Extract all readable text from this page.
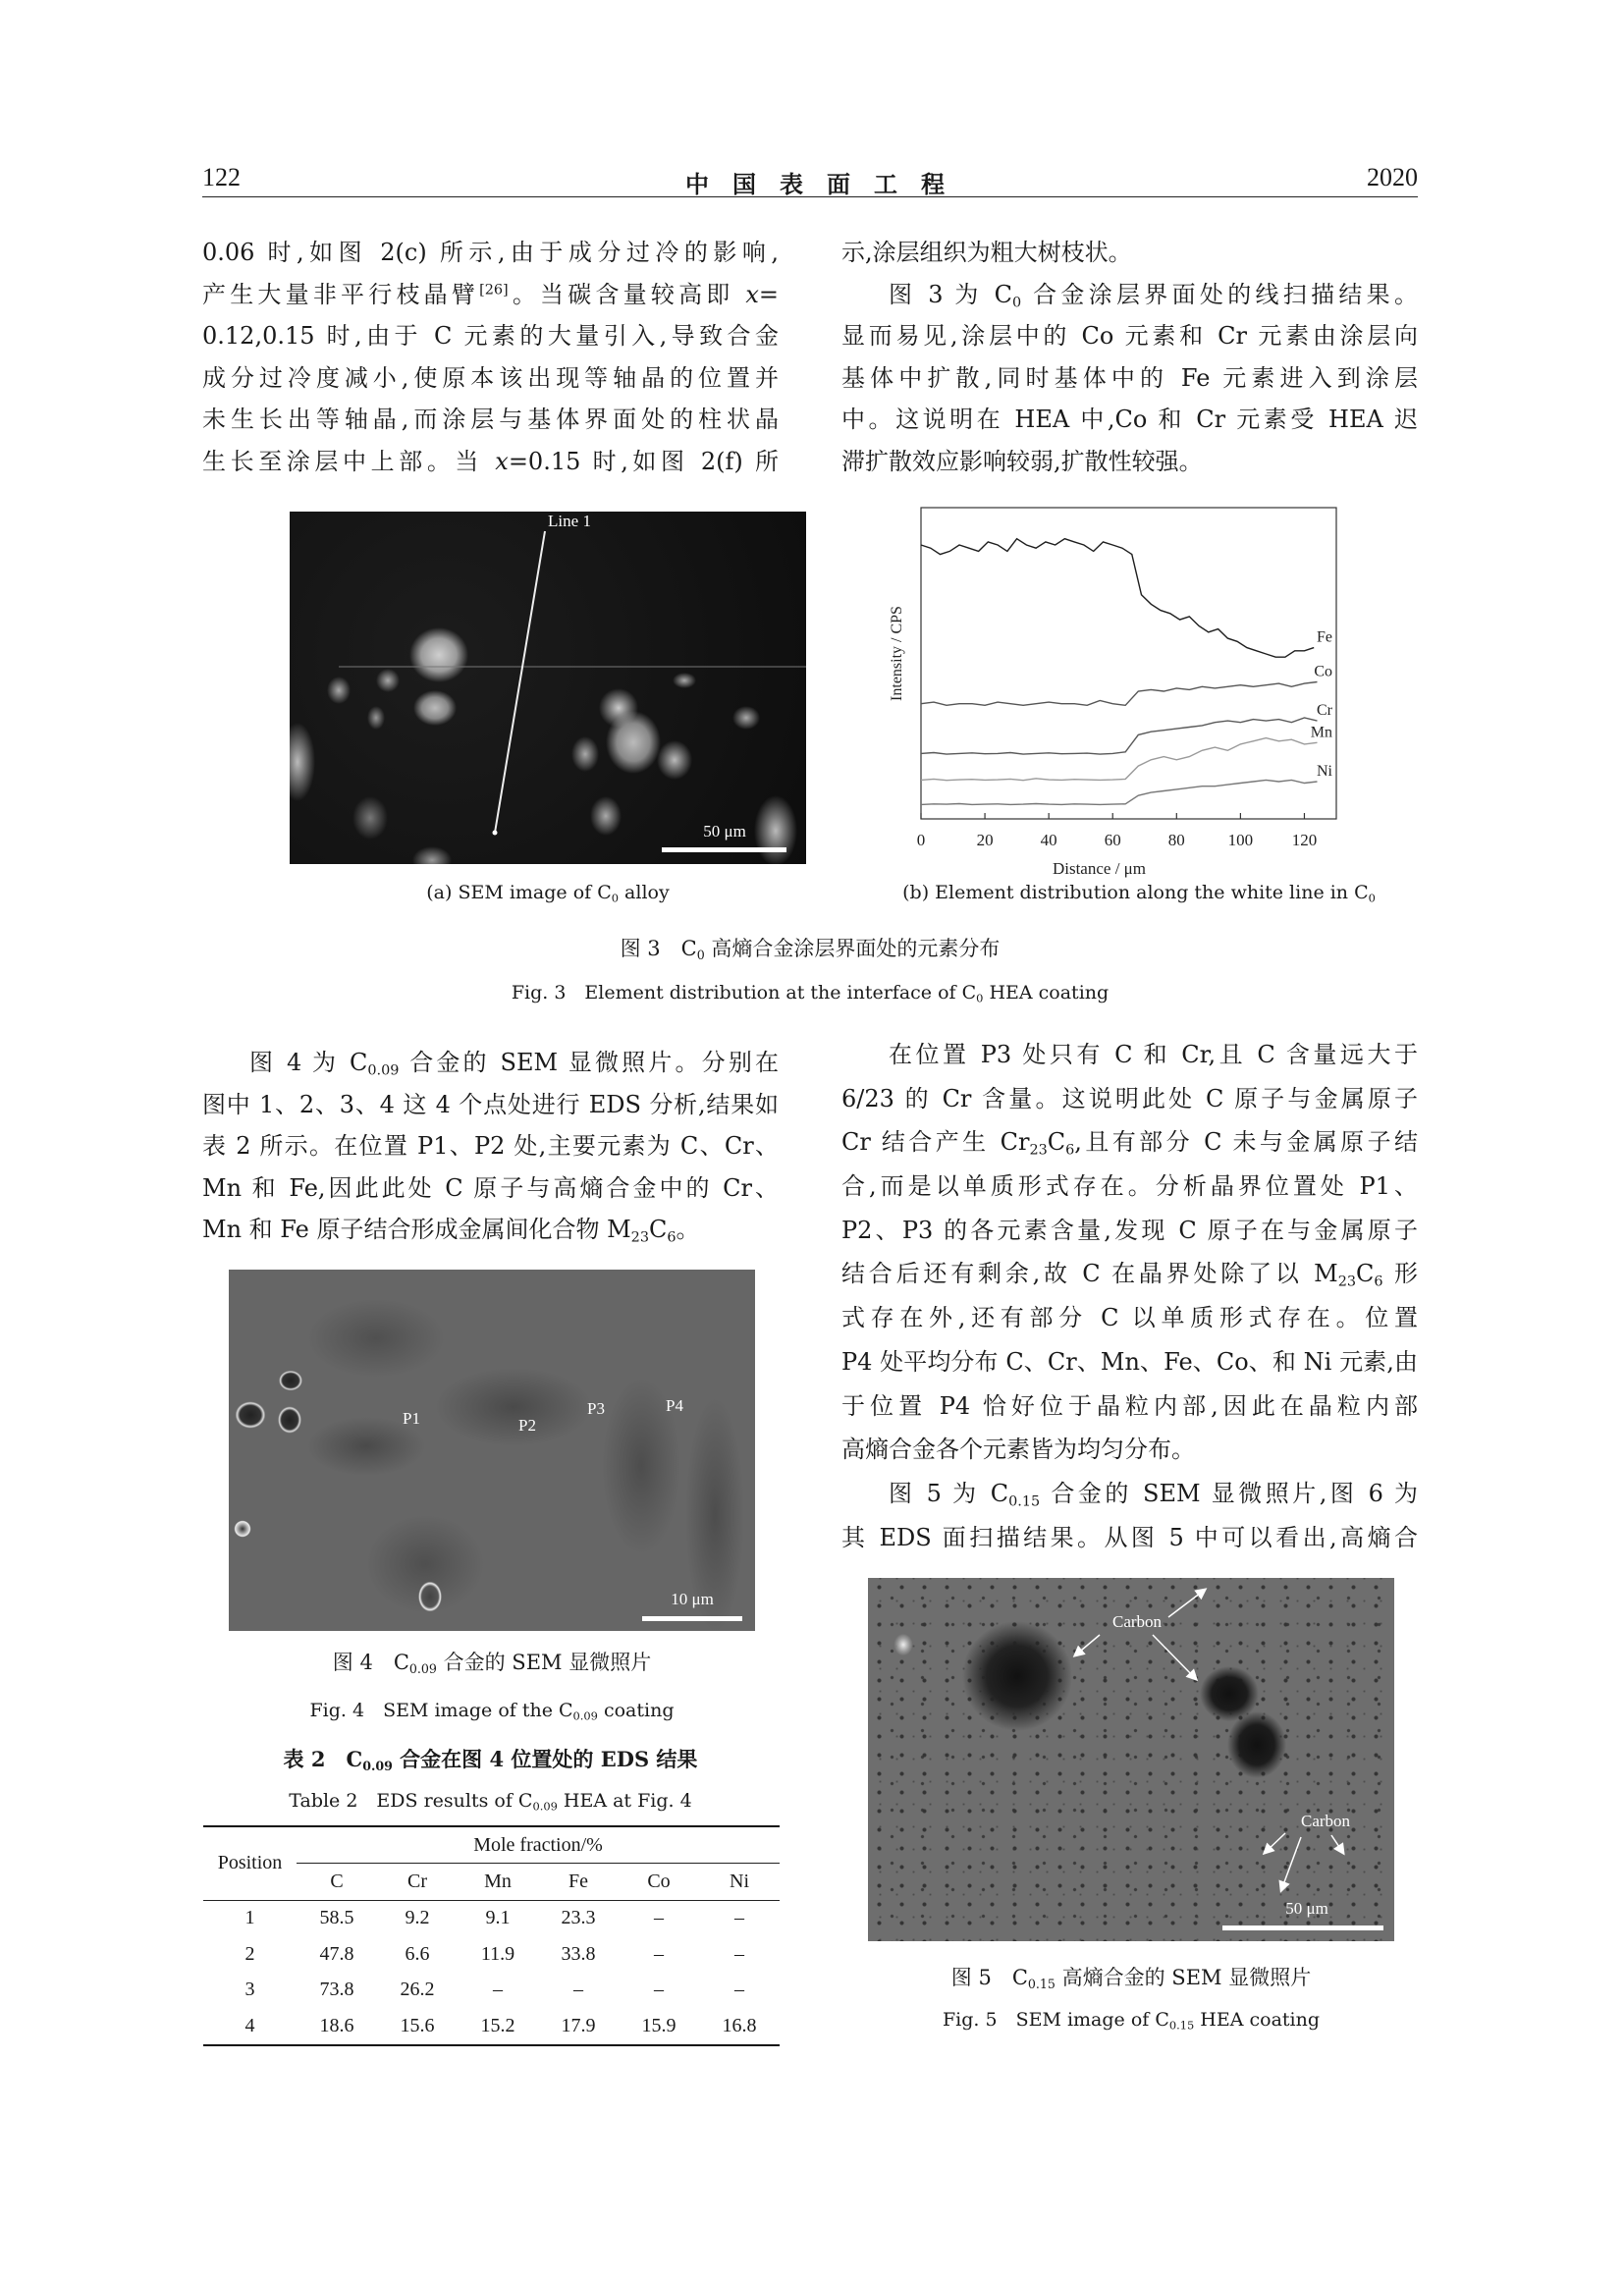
122	中　国　表　面　工　程	2020
0.06 时,如图 2(c) 所示,由于成分过冷的影响,
产生大量非平行枝晶臂[26]。当碳含量较高即 x=
0.12,0.15 时,由于 C 元素的大量引入,导致合金
成分过冷度减小,使原本该出现等轴晶的位置并
未生长出等轴晶,而涂层与基体界面处的柱状晶
生长至涂层中上部。当 x=0.15 时,如图 2(f) 所
示,涂层组织为粗大树枝状。
图 3 为 $C_0$ 合金涂层界面处的线扫描结果。
显而易见,涂层中的 Co 元素和 Cr 元素由涂层向
基体中扩散,同时基体中的 Fe 元素进入到涂层
中。这说明在 HEA 中,Co 和 Cr 元素受 HEA 迟
滞扩散效应影响较弱,扩散性较强。
Line 1
50 μm
(a) SEM image of $C_0$ alloy
0	20	40	60	80	100 120
Distance / μm
Intensity / CPS	Fe
Co
Cr
Mn
Ni
(b) Element distribution along the white line in $C_0$
图 3　$C_0$ 高熵合金涂层界面处的元素分布
Fig. 3　Element distribution at the interface of $C_0$ HEA coating
图 4 为 $C_{0.09}$ 合金的 SEM 显微照片。分别在
图中 1、2、3、4 这 4 个点处进行 EDS 分析,结果如
表 2 所示。在位置 P1、P2 处,主要元素为 C、Cr、
Mn 和 Fe,因此此处 C 原子与高熵合金中的 Cr、
Mn 和 Fe 原子结合形成金属间化合物 $M_{23}C_6$。
P1	P2
P3	P4
10 μm
图 4　$C_{0.09}$ 合金的 SEM 显微照片
Fig. 4　SEM image of the $C_{0.09}$ coating
表 2　$C_{0.09}$ 合金在图 4 位置处的 EDS 结果
Table 2　EDS results of $C_{0.09}$ HEA at Fig. 4
Position	Mole fraction/%					
	C	Cr	Mn	Fe	Co	Ni
1	58.5	9.2	9.1	23.3	–	–
2	47.8	6.6	11.9	33.8	–	–
3	73.8	26.2	–	–	–	–
4	18.6	15.6	15.2	17.9	15.9	16.8
在位置 P3 处只有 C 和 Cr,且 C 含量远大于
6/23 的 Cr 含量。这说明此处 C 原子与金属原子
Cr 结合产生 $Cr_{23}C_6$,且有部分 C 未与金属原子结
合,而是以单质形式存在。分析晶界位置处 P1、
P2、P3 的各元素含量,发现 C 原子在与金属原子
结合后还有剩余,故 C 在晶界处除了以 $M_{23}C_6$ 形
式存在外,还有部分 C 以单质形式存在。位置
P4 处平均分布 C、Cr、Mn、Fe、Co、和 Ni 元素,由
于位置 P4 恰好位于晶粒内部,因此在晶粒内部
高熵合金各个元素皆为均匀分布。
图 5 为 $C_{0.15}$ 合金的 SEM 显微照片,图 6 为
其 EDS 面扫描结果。从图 5 中可以看出,高熵合
Carbon
Carbon
50 μm
图 5　$C_{0.15}$ 高熵合金的 SEM 显微照片
Fig. 5　SEM image of $C_{0.15}$ HEA coating
